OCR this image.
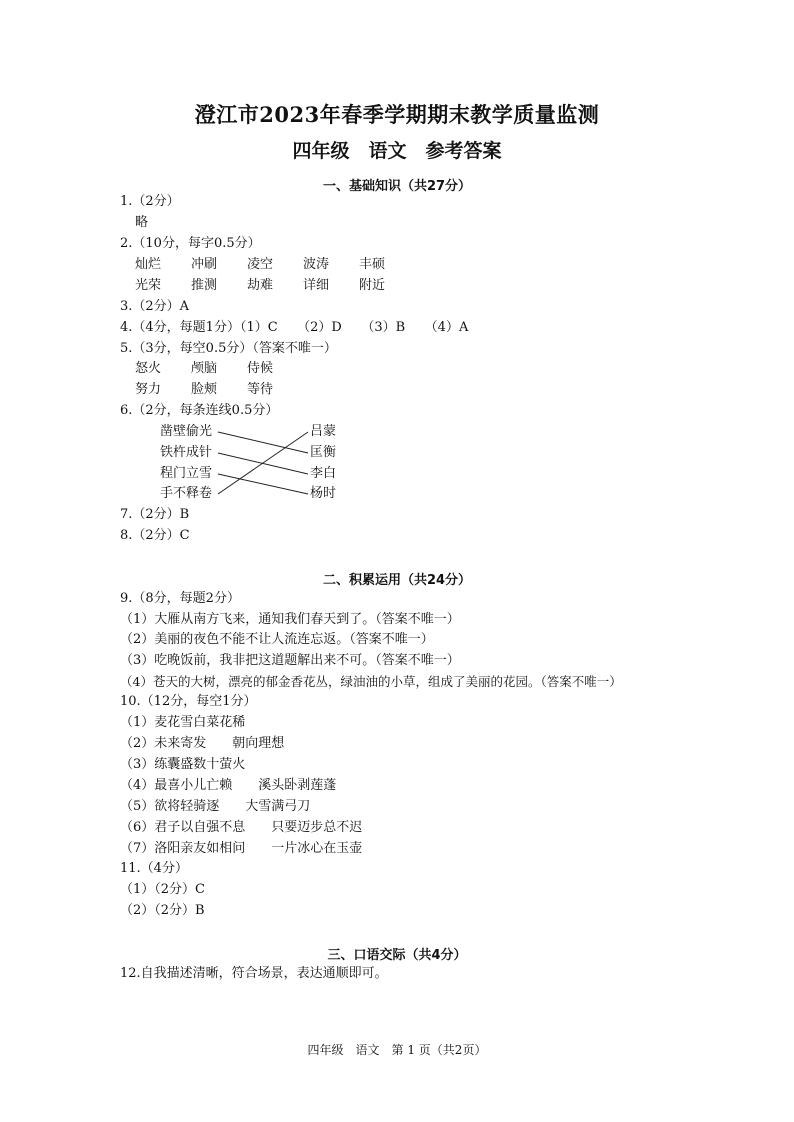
澄江市2023年春季学期期末教学质量监测
四年级　语文　参考答案
一、基础知识（共27分）
1.（2分）
略
2.（10分，每字0.5分）
灿烂	冲刷	凌空	波涛	丰硕
光荣	推测	劫难	详细	附近
3.（2分）A
4.（4分，每题1分）（1）C　　（2）D　　（3）B　　（4）A
5.（3分，每空0.5分）（答案不唯一）
怒火	颅脑	侍候
努力	脸颊	等待
6.（2分，每条连线0.5分）
凿壁偷光
铁杵成针
程门立雪
手不释卷
吕蒙
匡衡
李白
杨时
7.（2分）B
8.（2分）C
二、积累运用（共24分）
9.（8分，每题2分）
（1）大雁从南方飞来，通知我们春天到了。（答案不唯一）
（2）美丽的夜色不能不让人流连忘返。（答案不唯一）
（3）吃晚饭前，我非把这道题解出来不可。（答案不唯一）
（4）苍天的大树，漂亮的郁金香花丛，绿油油的小草，组成了美丽的花园。（答案不唯一）
10.（12分，每空1分）
（1）麦花雪白菜花稀
（2）未来寄发　　朝向理想
（3）练囊盛数十萤火
（4）最喜小儿亡赖　　溪头卧剥莲蓬
（5）欲将轻骑逐　　大雪满弓刀
（6）君子以自强不息　　只要迈步总不迟
（7）洛阳亲友如相问　　一片冰心在玉壶
11.（4分）
（1）（2分）C
（2）（2分）B
三、口语交际（共4分）
12.自我描述清晰，符合场景，表达通顺即可。
四年级　语文　第 1 页（共2页）
